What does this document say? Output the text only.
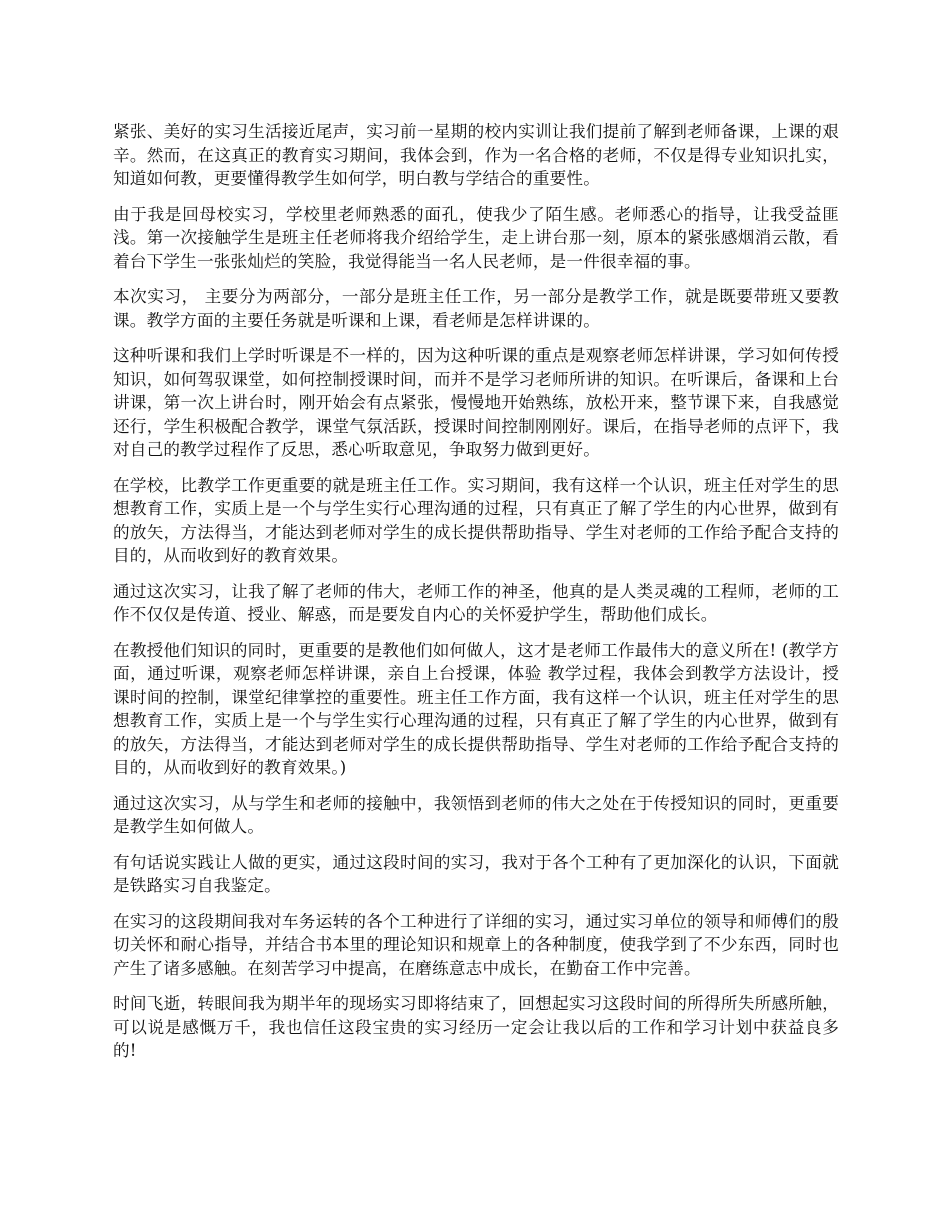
紧张、美好的实习生活接近尾声，实习前一星期的校内实训让我们提前了解到老师备课，上课的艰辛。然而，在这真正的教育实习期间，我体会到，作为一名合格的老师，不仅是得专业知识扎实，知道如何教，更要懂得教学生如何学，明白教与学结合的重要性。

由于我是回母校实习，学校里老师熟悉的面孔，使我少了陌生感。老师悉心的指导，让我受益匪浅。第一次接触学生是班主任老师将我介绍给学生，走上讲台那一刻，原本的紧张感烟消云散，看着台下学生一张张灿烂的笑脸，我觉得能当一名人民老师，是一件很幸福的事。

本次实习， 主要分为两部分，一部分是班主任工作，另一部分是教学工作，就是既要带班又要教课。教学方面的主要任务就是听课和上课，看老师是怎样讲课的。

这种听课和我们上学时听课是不一样的，因为这种听课的重点是观察老师怎样讲课，学习如何传授知识，如何驾驭课堂，如何控制授课时间，而并不是学习老师所讲的知识。在听课后，备课和上台讲课，第一次上讲台时，刚开始会有点紧张，慢慢地开始熟练，放松开来，整节课下来，自我感觉还行，学生积极配合教学，课堂气氛活跃，授课时间控制刚刚好。课后，在指导老师的点评下，我对自己的教学过程作了反思，悉心听取意见，争取努力做到更好。

在学校，比教学工作更重要的就是班主任工作。实习期间，我有这样一个认识，班主任对学生的思想教育工作，实质上是一个与学生实行心理沟通的过程，只有真正了解了学生的内心世界，做到有的放矢，方法得当，才能达到老师对学生的成长提供帮助指导、学生对老师的工作给予配合支持的目的，从而收到好的教育效果。

通过这次实习，让我了解了老师的伟大，老师工作的神圣，他真的是人类灵魂的工程师，老师的工作不仅仅是传道、授业、解惑，而是要发自内心的关怀爱护学生，帮助他们成长。

在教授他们知识的同时，更重要的是教他们如何做人，这才是老师工作最伟大的意义所在! (教学方面，通过听课，观察老师怎样讲课，亲自上台授课，体验 教学过程，我体会到教学方法设计，授课时间的控制，课堂纪律掌控的重要性。班主任工作方面，我有这样一个认识，班主任对学生的思想教育工作，实质上是一个与学生实行心理沟通的过程，只有真正了解了学生的内心世界，做到有的放矢，方法得当，才能达到老师对学生的成长提供帮助指导、学生对老师的工作给予配合支持的目的，从而收到好的教育效果。)

通过这次实习，从与学生和老师的接触中，我领悟到老师的伟大之处在于传授知识的同时，更重要是教学生如何做人。

有句话说实践让人做的更实，通过这段时间的实习，我对于各个工种有了更加深化的认识，下面就是铁路实习自我鉴定。

在实习的这段期间我对车务运转的各个工种进行了详细的实习，通过实习单位的领导和师傅们的殷切关怀和耐心指导，并结合书本里的理论知识和规章上的各种制度，使我学到了不少东西，同时也产生了诸多感触。在刻苦学习中提高，在磨练意志中成长，在勤奋工作中完善。

时间飞逝，转眼间我为期半年的现场实习即将结束了，回想起实习这段时间的所得所失所感所触，可以说是感慨万千，我也信任这段宝贵的实习经历一定会让我以后的工作和学习计划中获益良多的!
